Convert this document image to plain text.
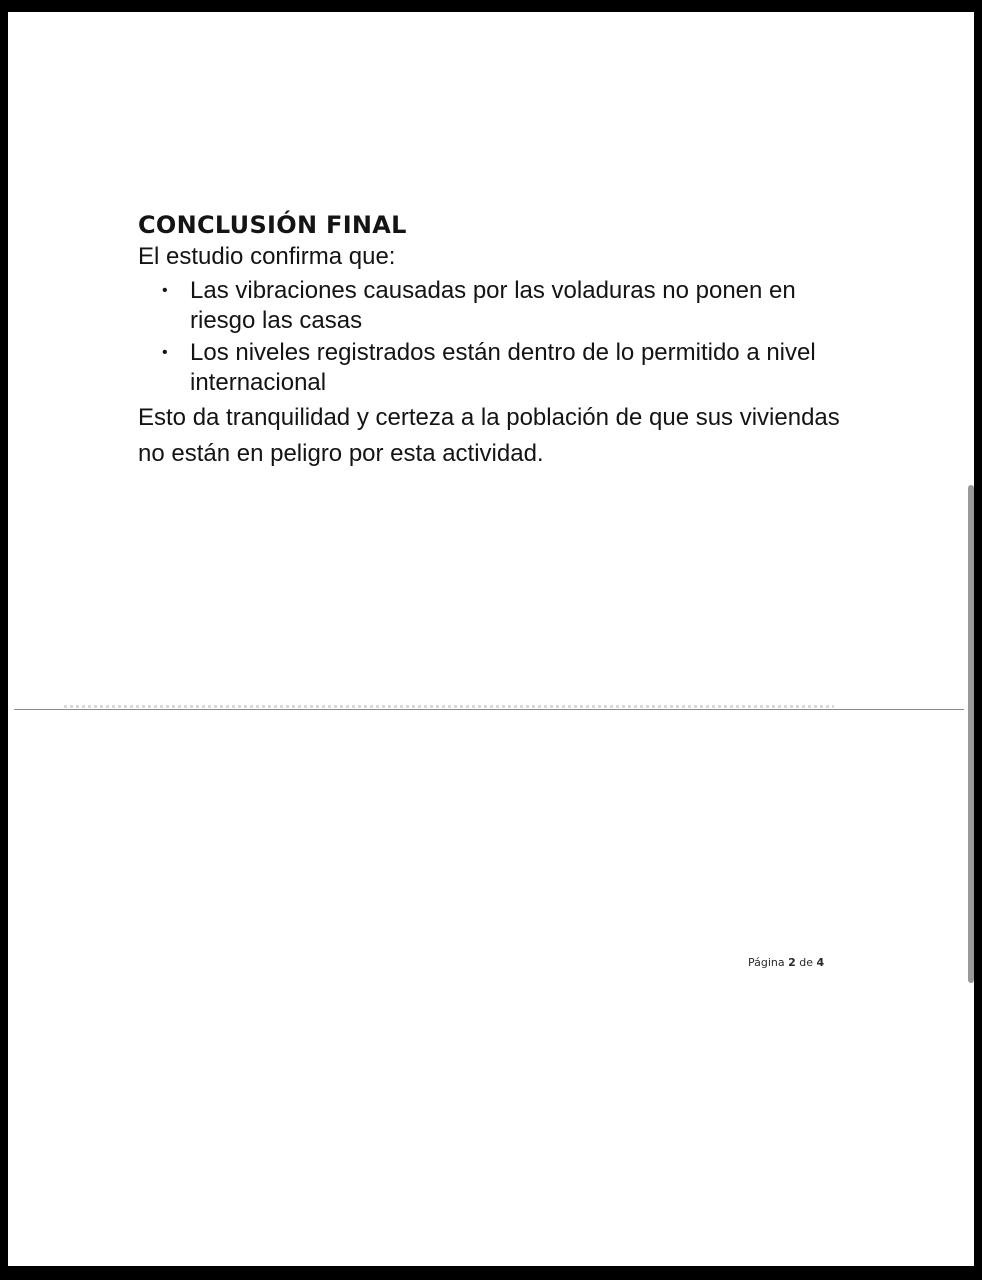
CONCLUSIÓN FINAL

El estudio confirma que:

• Las vibraciones causadas por las voladuras no ponen en riesgo las casas
• Los niveles registrados están dentro de lo permitido a nivel internacional

Esto da tranquilidad y certeza a la población de que sus viviendas no están en peligro por esta actividad.

Página 2 de 4
